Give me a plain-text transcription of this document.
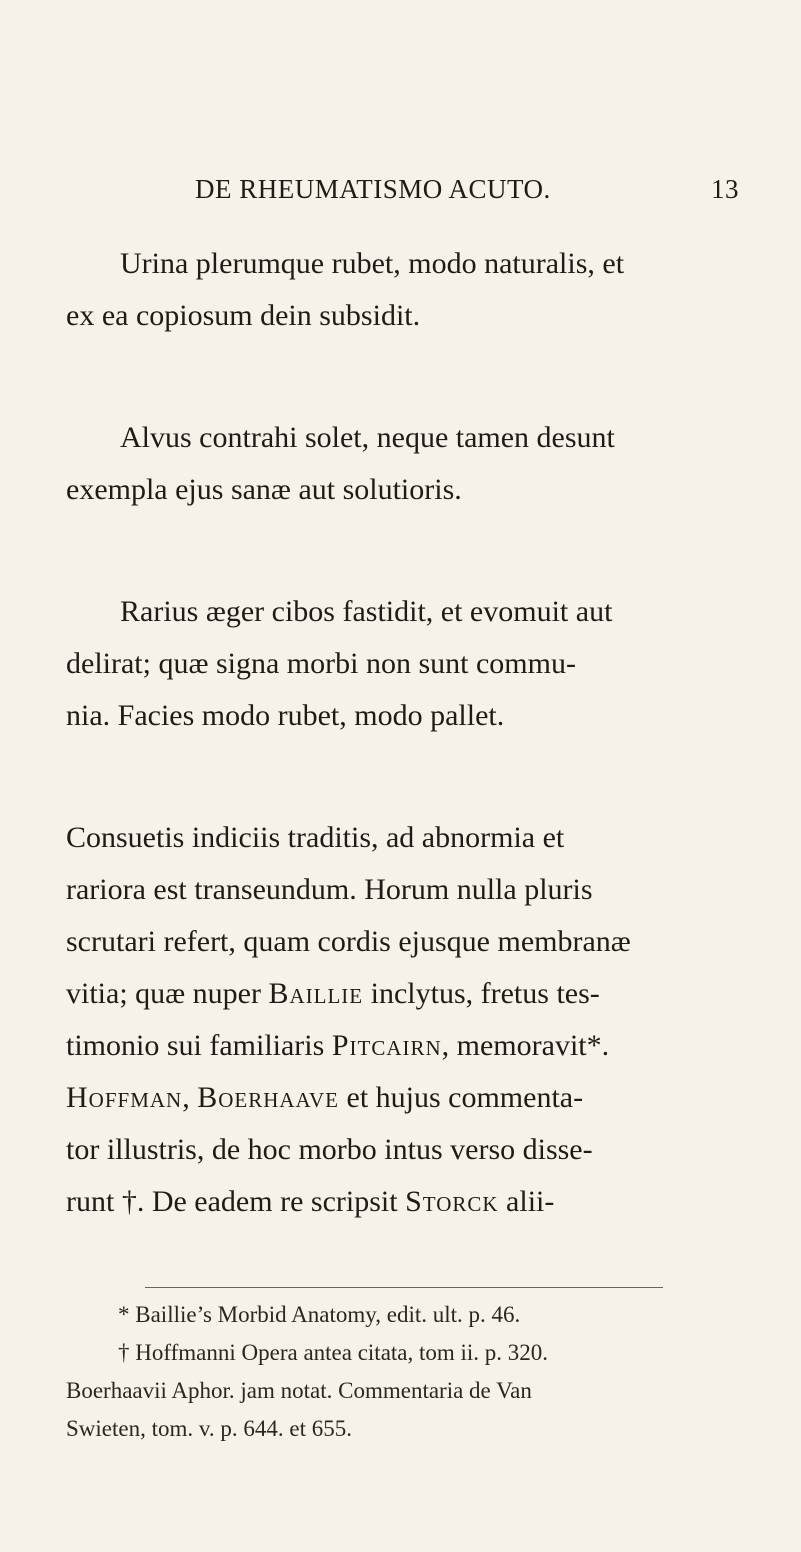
DE RHEUMATISMO ACUTO.	13
Urina plerumque rubet, modo naturalis, et
ex ea copiosum dein subsidit.
Alvus contrahi solet, neque tamen desunt
exempla ejus sanæ aut solutioris.
Rarius æger cibos fastidit, et evomuit aut
delirat; quæ signa morbi non sunt commu-
nia. Facies modo rubet, modo pallet.
Consuetis indiciis traditis, ad abnormia et
rariora est transeundum. Horum nulla pluris
scrutari refert, quam cordis ejusque membranæ
vitia; quæ nuper Baillie inclytus, fretus tes-
timonio sui familiaris Pitcairn, memoravit*.
Hoffman, Boerhaave et hujus commenta-
tor illustris, de hoc morbo intus verso disse-
runt †. De eadem re scripsit Storck alii-
* Baillie’s Morbid Anatomy, edit. ult. p. 46.
† Hoffmanni Opera antea citata, tom ii. p. 320.
Boerhaavii Aphor. jam notat. Commentaria de Van
Swieten, tom. v. p. 644. et 655.
